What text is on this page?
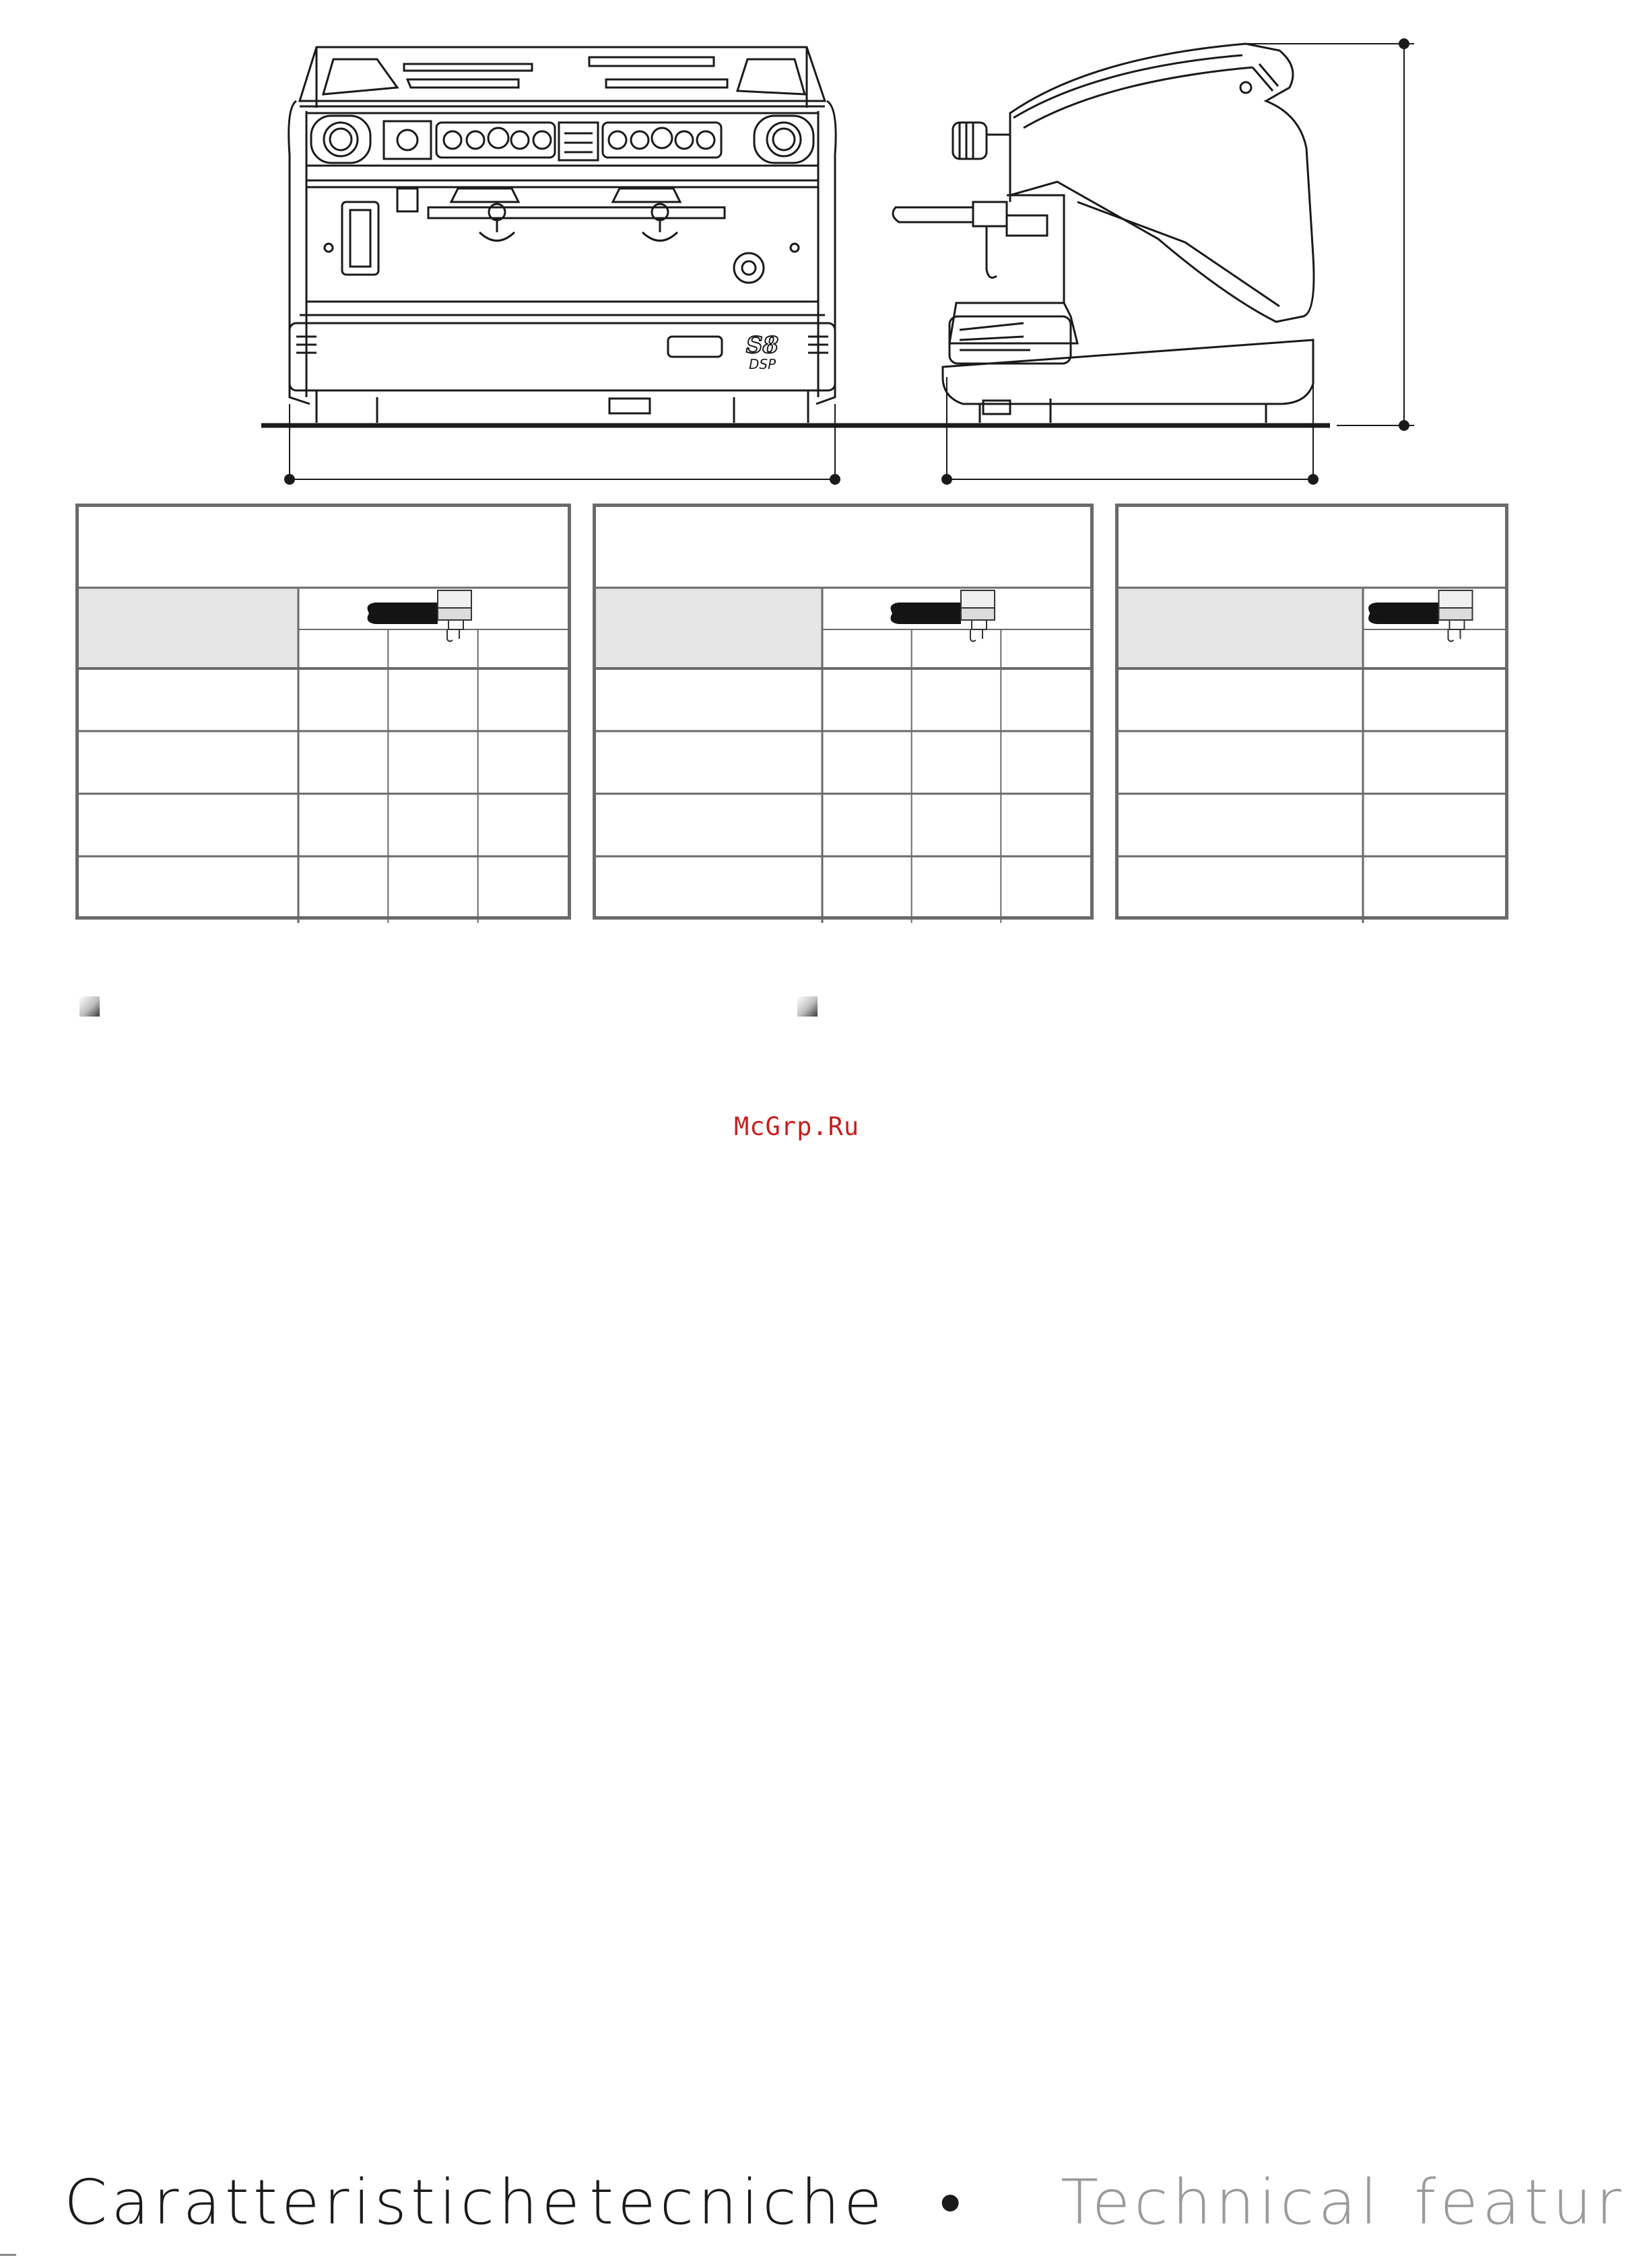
S8
DSP
McGrp.Ru
Caratteristiche tecniche • Technical featur
